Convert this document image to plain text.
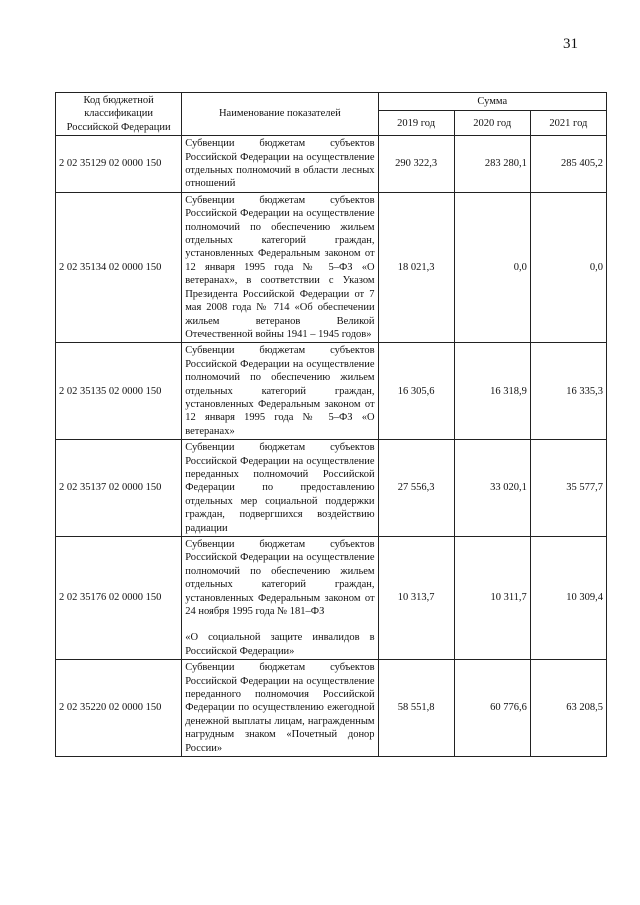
31
Код бюджетной классификации Российской Федерации	Наименование показателей	Сумма		
		2019 год	2020 год	2021 год
2 02 35129 02 0000 150	Субвенции бюджетам субъектов Российской Федерации на осуществление отдельных полномочий в области лесных отношений	290 322,3	283 280,1	285 405,2
2 02 35134 02 0000 150	Субвенции бюджетам субъектов Российской Федерации на осуществление полномочий по обеспечению жильем отдельных категорий граждан, установленных Федеральным законом от 12 января 1995 года № 5–ФЗ «О ветеранах», в соответствии с Указом Президента Российской Федерации от 7 мая 2008 года № 714 «Об обеспечении жильем ветеранов Великой Отечественной войны 1941 – 1945 годов»	18 021,3	0,0	0,0
2 02 35135 02 0000 150	Субвенции бюджетам субъектов Российской Федерации на осуществление полномочий по обеспечению жильем отдельных категорий граждан, установленных Федеральным законом от 12 января 1995 года № 5–ФЗ «О ветеранах»	16 305,6	16 318,9	16 335,3
2 02 35137 02 0000 150	Субвенции бюджетам субъектов Российской Федерации на осуществление переданных полномочий Российской Федерации по предоставлению отдельных мер социальной поддержки граждан, подвергшихся воздействию радиации	27 556,3	33 020,1	35 577,7
2 02 35176 02 0000 150	Субвенции бюджетам субъектов Российской Федерации на осуществление полномочий по обеспечению жильем отдельных категорий граждан, установленных Федеральным законом от 24 ноября 1995 года № 181–ФЗ
«О социальной защите инвалидов в Российской Федерации»	10 313,7	10 311,7	10 309,4
2 02 35220 02 0000 150	Субвенции бюджетам субъектов Российской Федерации на осуществление переданного полномочия Российской Федерации по осуществлению ежегодной денежной выплаты лицам, награжденным нагрудным знаком «Почетный донор России»	58 551,8	60 776,6	63 208,5
